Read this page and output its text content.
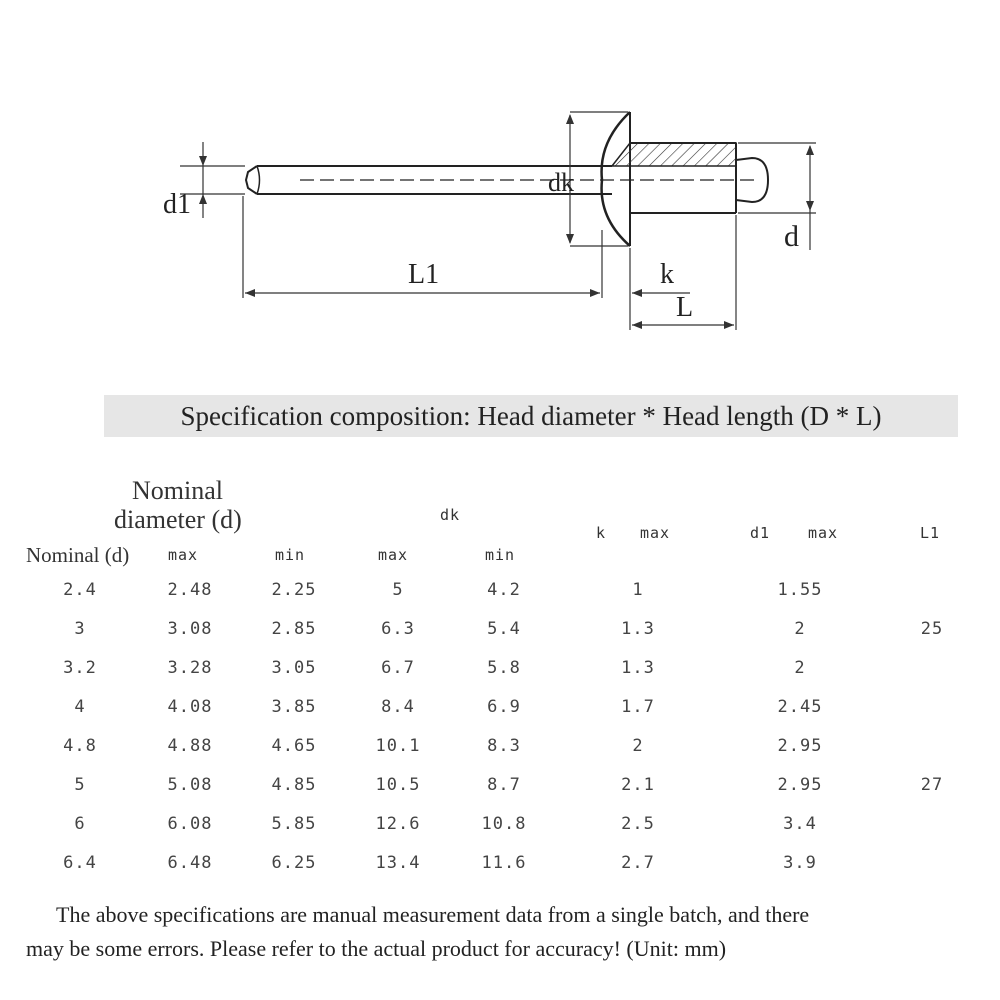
d1
dk
d
L1	k
L
Specification composition: Head diameter * Head length (D * L)
Nominal
diameter (d)	dk
k max	d1	max	L1
Nominal (d)	max	min	max	min
2.4	2.48	2.25	5	4.2	1	1.55
3	3.08	2.85	6.3	5.4	1.3	2	25
3.2	3.28	3.05	6.7	5.8	1.3	2
4	4.08	3.85	8.4	6.9	1.7	2.45
4.8	4.88	4.65	10.1	8.3	2	2.95
5	5.08	4.85	10.5	8.7	2.1	2.95	27
6	6.08	5.85	12.6	10.8	2.5	3.4
6.4	6.48	6.25	13.4	11.6	2.7	3.9
The above specifications are manual measurement data from a single batch, and there
may be some errors. Please refer to the actual product for accuracy! (Unit: mm)
